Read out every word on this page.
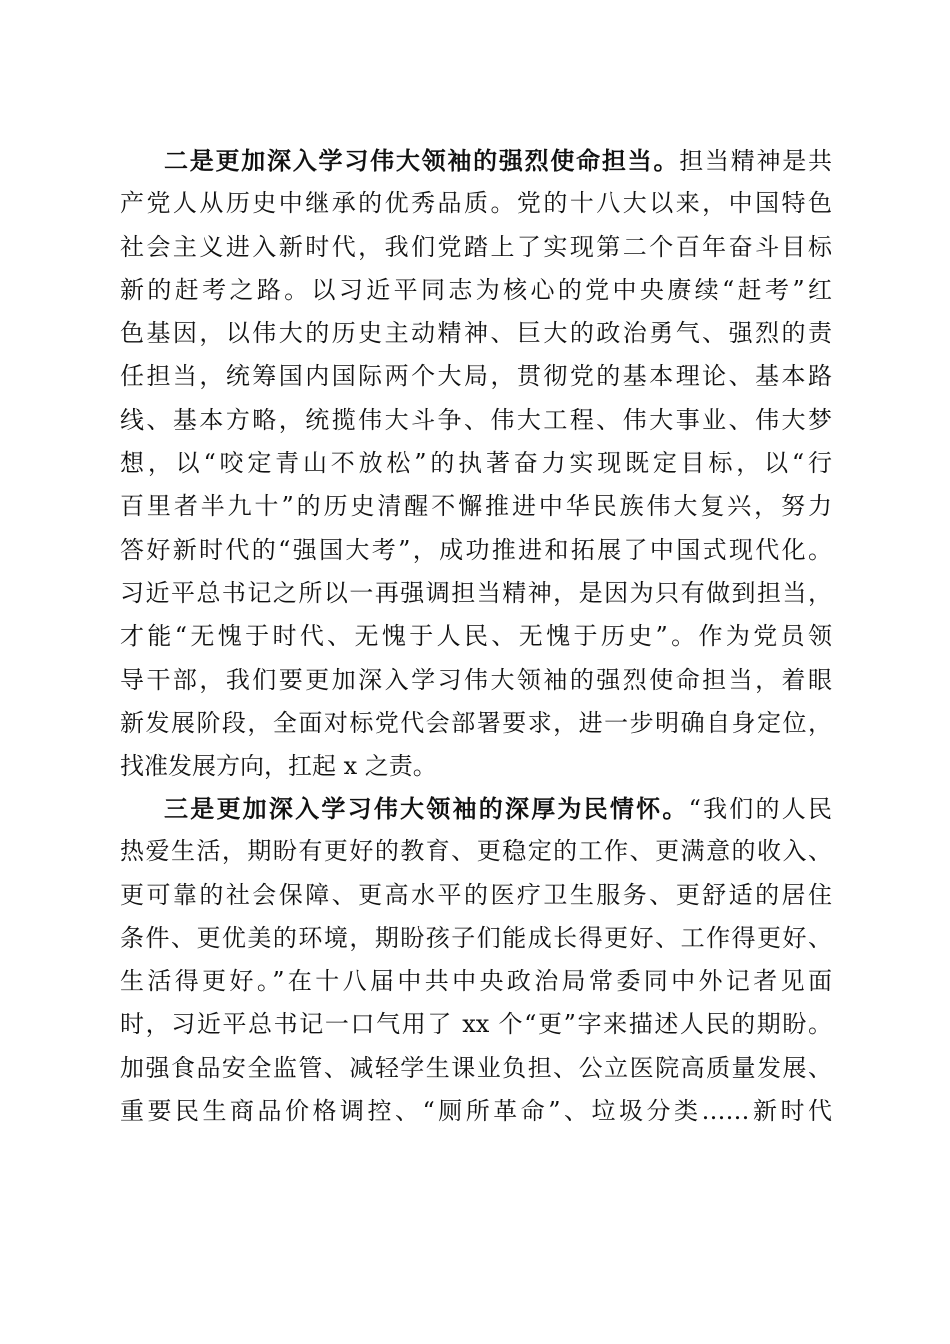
二是更加深入学习伟大领袖的强烈使命担当。担当精神是共
产党人从历史中继承的优秀品质。党的十八大以来，中国特色
社会主义进入新时代，我们党踏上了实现第二个百年奋斗目标
新的赶考之路。以习近平同志为核心的党中央赓续“赶考”红
色基因，以伟大的历史主动精神、巨大的政治勇气、强烈的责
任担当，统筹国内国际两个大局，贯彻党的基本理论、基本路
线、基本方略，统揽伟大斗争、伟大工程、伟大事业、伟大梦
想，以“咬定青山不放松”的执著奋力实现既定目标，以“行
百里者半九十”的历史清醒不懈推进中华民族伟大复兴，努力
答好新时代的“强国大考”，成功推进和拓展了中国式现代化。
习近平总书记之所以一再强调担当精神，是因为只有做到担当，
才能“无愧于时代、无愧于人民、无愧于历史”。作为党员领
导干部，我们要更加深入学习伟大领袖的强烈使命担当，着眼
新发展阶段，全面对标党代会部署要求，进一步明确自身定位，
找准发展方向，扛起 x 之责。
三是更加深入学习伟大领袖的深厚为民情怀。“我们的人民
热爱生活，期盼有更好的教育、更稳定的工作、更满意的收入、
更可靠的社会保障、更高水平的医疗卫生服务、更舒适的居住
条件、更优美的环境，期盼孩子们能成长得更好、工作得更好、
生活得更好。”在十八届中共中央政治局常委同中外记者见面
时，习近平总书记一口气用了 xx 个“更”字来描述人民的期盼。
加强食品安全监管、减轻学生课业负担、公立医院高质量发展、
重要民生商品价格调控、“厕所革命”、垃圾分类……新时代
